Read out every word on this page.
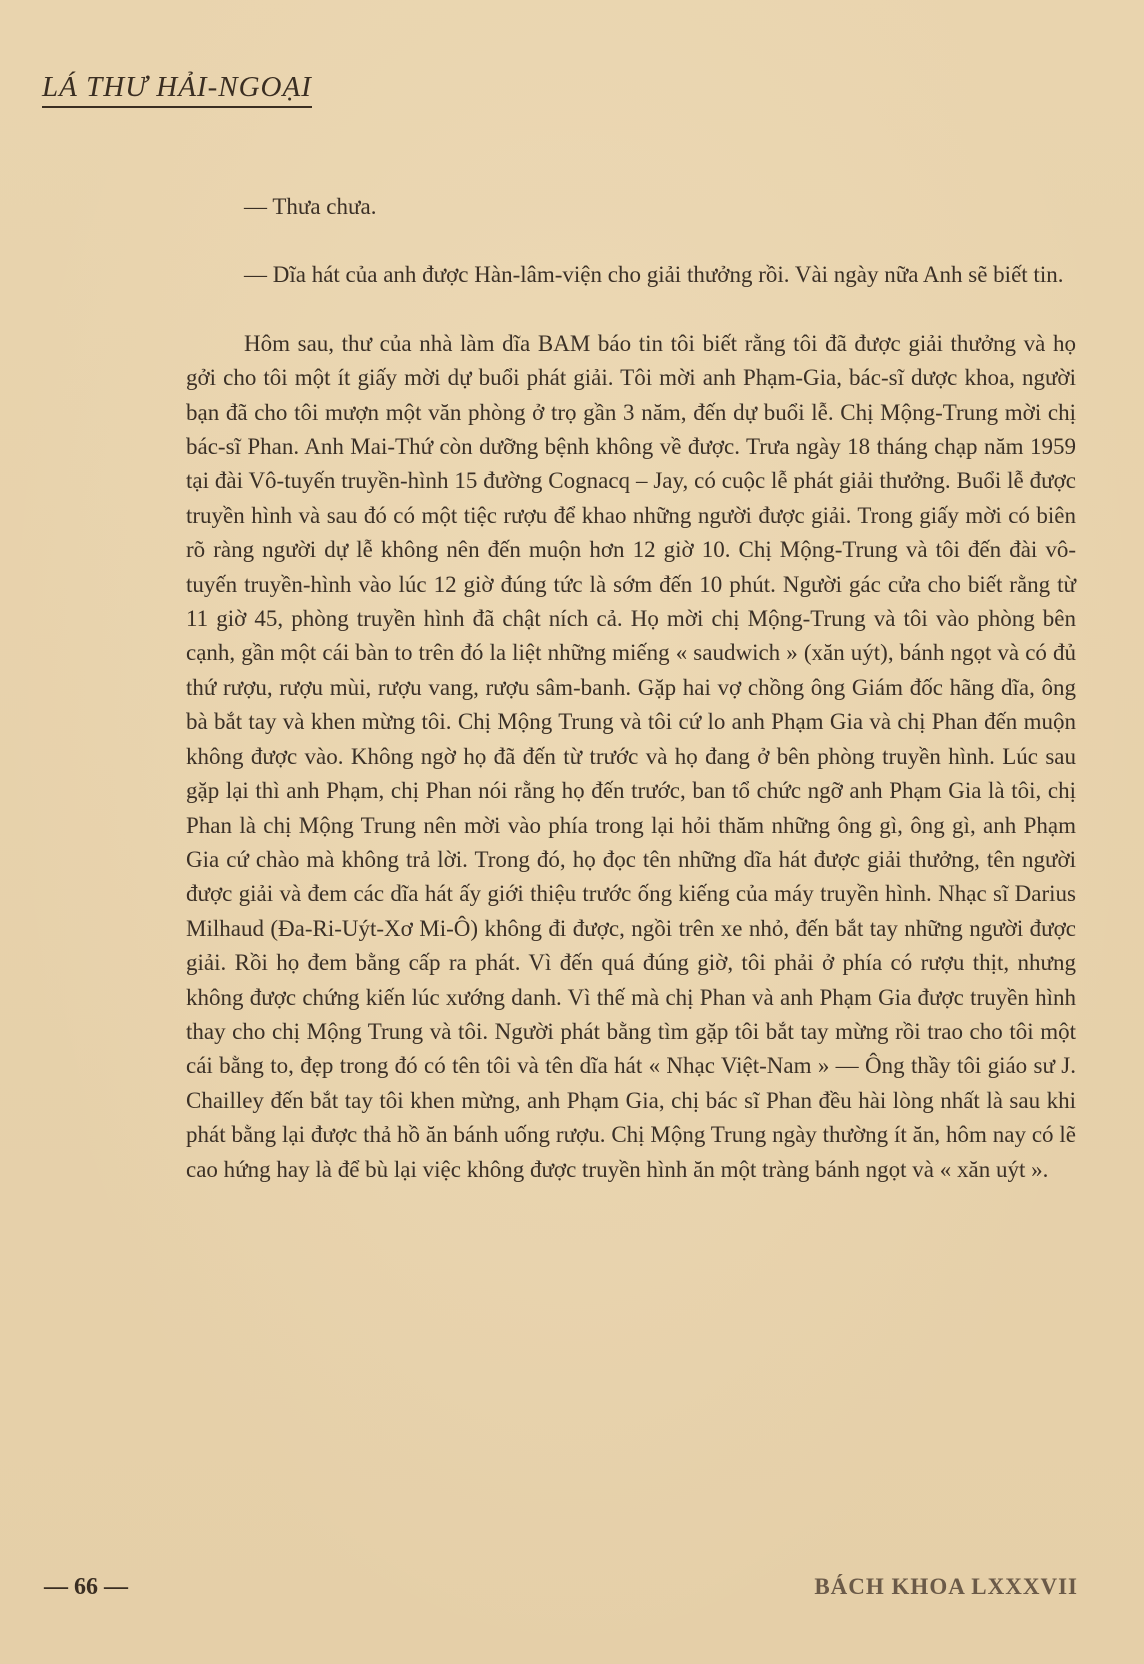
LÁ THƯ HẢI-NGOẠI

— Thưa chưa.

— Dĩa hát của anh được Hàn-lâm-viện cho giải thưởng rồi. Vài ngày nữa Anh sẽ biết tin.

Hôm sau, thư của nhà làm dĩa BAM báo tin tôi biết rằng tôi đã được giải thưởng và họ gởi cho tôi một ít giấy mời dự buổi phát giải. Tôi mời anh Phạm-Gia, bác-sĩ dược khoa, người bạn đã cho tôi mượn một văn phòng ở trọ gần 3 năm, đến dự buổi lễ. Chị Mộng-Trung mời chị bác-sĩ Phan. Anh Mai-Thứ còn dưỡng bệnh không về được. Trưa ngày 18 tháng chạp năm 1959 tại đài Vô-tuyến truyền-hình 15 đường Cognacq – Jay, có cuộc lễ phát giải thưởng. Buổi lễ được truyền hình và sau đó có một tiệc rượu để khao những người được giải. Trong giấy mời có biên rõ ràng người dự lễ không nên đến muộn hơn 12 giờ 10. Chị Mộng-Trung và tôi đến đài vô-tuyến truyền-hình vào lúc 12 giờ đúng tức là sớm đến 10 phút. Người gác cửa cho biết rằng từ 11 giờ 45, phòng truyền hình đã chật ních cả. Họ mời chị Mộng-Trung và tôi vào phòng bên cạnh, gần một cái bàn to trên đó la liệt những miếng « saudwich » (xăn uýt), bánh ngọt và có đủ thứ rượu, rượu mùi, rượu vang, rượu sâm-banh. Gặp hai vợ chồng ông Giám đốc hãng dĩa, ông bà bắt tay và khen mừng tôi. Chị Mộng Trung và tôi cứ lo anh Phạm Gia và chị Phan đến muộn không được vào. Không ngờ họ đã đến từ trước và họ đang ở bên phòng truyền hình. Lúc sau gặp lại thì anh Phạm, chị Phan nói rằng họ đến trước, ban tổ chức ngỡ anh Phạm Gia là tôi, chị Phan là chị Mộng Trung nên mời vào phía trong lại hỏi thăm những ông gì, ông gì, anh Phạm Gia cứ chào mà không trả lời. Trong đó, họ đọc tên những dĩa hát được giải thưởng, tên người được giải và đem các dĩa hát ấy giới thiệu trước ống kiếng của máy truyền hình. Nhạc sĩ Darius Milhaud (Đa-Ri-Uýt-Xơ Mi-Ô) không đi được, ngồi trên xe nhỏ, đến bắt tay những người được giải. Rồi họ đem bằng cấp ra phát. Vì đến quá đúng giờ, tôi phải ở phía có rượu thịt, nhưng không được chứng kiến lúc xướng danh. Vì thế mà chị Phan và anh Phạm Gia được truyền hình thay cho chị Mộng Trung và tôi. Người phát bằng tìm gặp tôi bắt tay mừng rồi trao cho tôi một cái bằng to, đẹp trong đó có tên tôi và tên dĩa hát « Nhạc Việt-Nam » — Ông thầy tôi giáo sư J. Chailley đến bắt tay tôi khen mừng, anh Phạm Gia, chị bác sĩ Phan đều hài lòng nhất là sau khi phát bằng lại được thả hồ ăn bánh uống rượu. Chị Mộng Trung ngày thường ít ăn, hôm nay có lẽ cao hứng hay là để bù lại việc không được truyền hình ăn một tràng bánh ngọt và « xăn uýt ».

— 66 —	BÁCH KHOA LXXXVII
